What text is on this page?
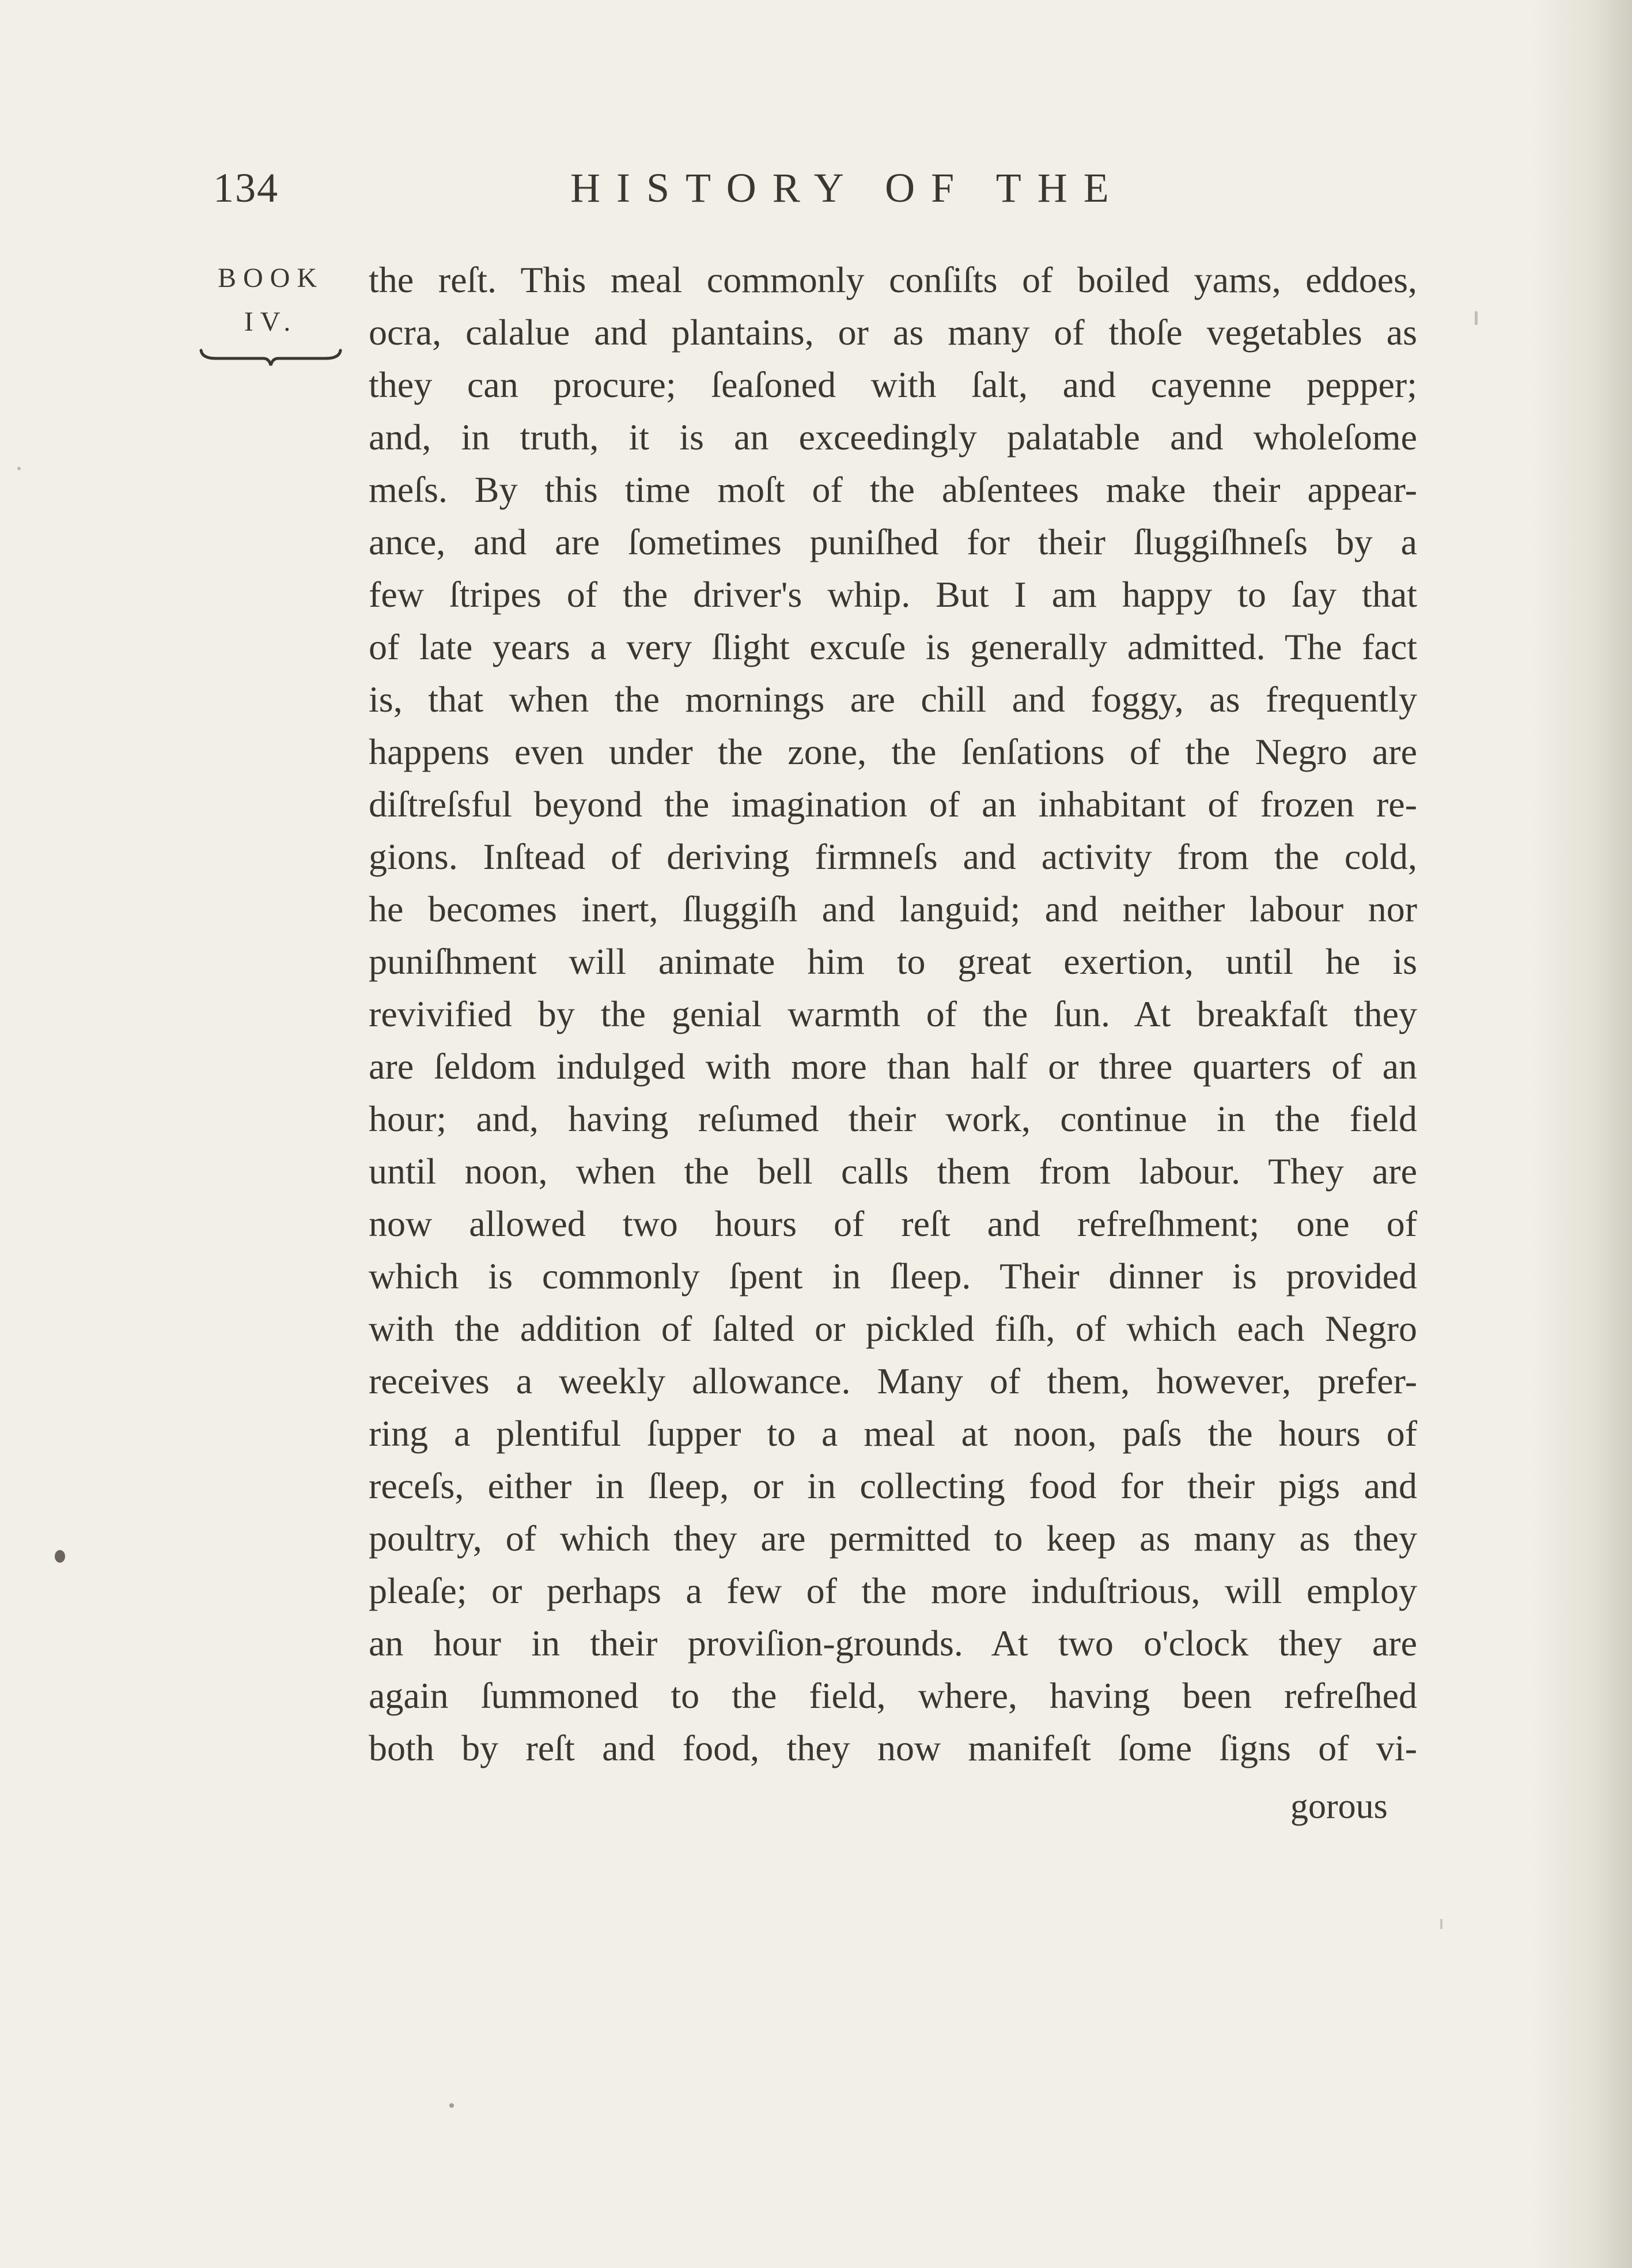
134	HISTORY OF THE
BOOK
IV.
the reſt. This meal commonly conſiſts of boiled yams, eddoes,
ocra, calalue and plantains, or as many of thoſe vegetables as
they can procure; ſeaſoned with ſalt, and cayenne pepper;
and, in truth, it is an exceedingly palatable and wholeſome
meſs. By this time moſt of the abſentees make their appear-
ance, and are ſometimes puniſhed for their ſluggiſhneſs by a
few ſtripes of the driver's whip. But I am happy to ſay that
of late years a very ſlight excuſe is generally admitted. The fact
is, that when the mornings are chill and foggy, as frequently
happens even under the zone, the ſenſations of the Negro are
diſtreſsful beyond the imagination of an inhabitant of frozen re-
gions. Inſtead of deriving firmneſs and activity from the cold,
he becomes inert, ſluggiſh and languid; and neither labour nor
puniſhment will animate him to great exertion, until he is
revivified by the genial warmth of the ſun. At breakfaſt they
are ſeldom indulged with more than half or three quarters of an
hour; and, having reſumed their work, continue in the field
until noon, when the bell calls them from labour. They are
now allowed two hours of reſt and refreſhment; one of
which is commonly ſpent in ſleep. Their dinner is provided
with the addition of ſalted or pickled fiſh, of which each Negro
receives a weekly allowance. Many of them, however, prefer-
ring a plentiful ſupper to a meal at noon, paſs the hours of
receſs, either in ſleep, or in collecting food for their pigs and
poultry, of which they are permitted to keep as many as they
pleaſe; or perhaps a few of the more induſtrious, will employ
an hour in their proviſion-grounds. At two o'clock they are
again ſummoned to the field, where, having been refreſhed
both by reſt and food, they now manifeſt ſome ſigns of vi-
gorous
